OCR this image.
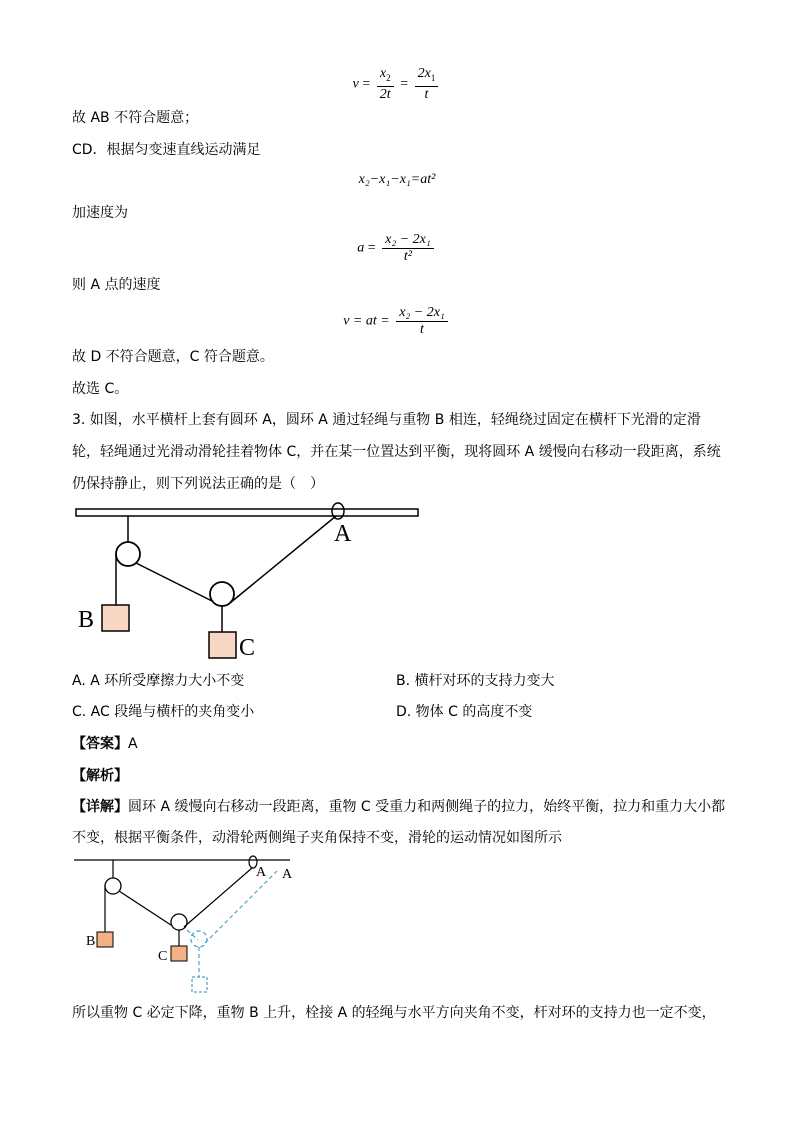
$v = \frac{x_2}{2t} = \frac{2x_1}{t}$
故 AB 不符合题意；
CD．根据匀变速直线运动满足
x₂−x₁−x₁=at²
加速度为
$a = \frac{\text{x₂ − 2x₁}}{\text{t²}}$
则 A 点的速度
v = at = $\frac{\text{x₂ − 2x₁}}{t}$
故 D 不符合题意，C 符合题意。
故选 C。
3. 如图，水平横杆上套有圆环 A，圆环 A 通过轻绳与重物 B 相连，轻绳绕过固定在横杆下光滑的定滑
轮，轻绳通过光滑动滑轮挂着物体 C，并在某一位置达到平衡，现将圆环 A 缓慢向右移动一段距离，系统
仍保持静止，则下列说法正确的是（　）
A
B
C
A. A 环所受摩擦力大小不变	B. 横杆对环的支持力变大
C. AC 段绳与横杆的夹角变小	D. 物体 C 的高度不变
【答案】A
【解析】
【详解】圆环 A 缓慢向右移动一段距离，重物 C 受重力和两侧绳子的拉力，始终平衡，拉力和重力大小都
不变，根据平衡条件，动滑轮两侧绳子夹角保持不变，滑轮的运动情况如图所示
A A
B
C
所以重物 C 必定下降，重物 B 上升，栓接 A 的轻绳与水平方向夹角不变，杆对环的支持力也一定不变，
